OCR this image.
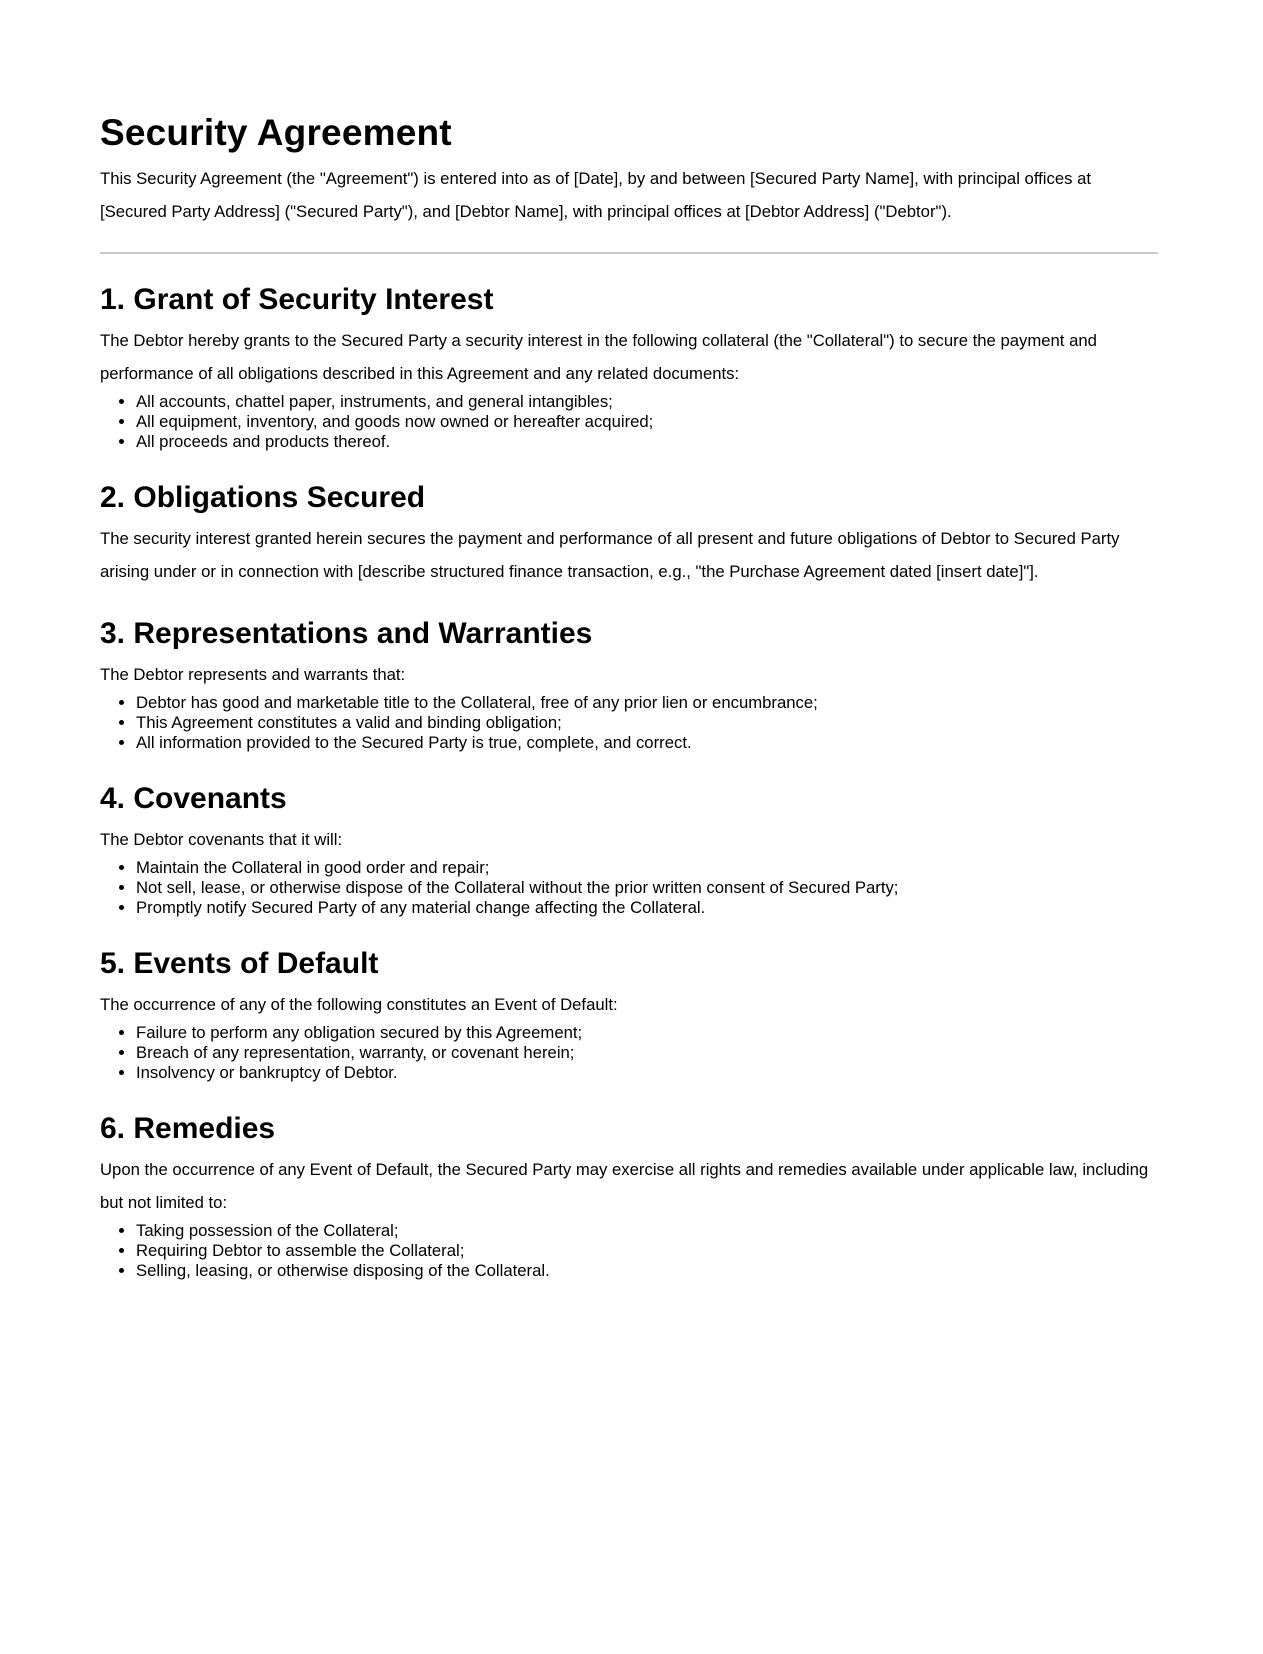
Security Agreement

This Security Agreement (the "Agreement") is entered into as of [Date], by and between [Secured Party Name], with principal offices at [Secured Party Address] ("Secured Party"), and [Debtor Name], with principal offices at [Debtor Address] ("Debtor").

1. Grant of Security Interest

The Debtor hereby grants to the Secured Party a security interest in the following collateral (the "Collateral") to secure the payment and performance of all obligations described in this Agreement and any related documents:

• All accounts, chattel paper, instruments, and general intangibles;
• All equipment, inventory, and goods now owned or hereafter acquired;
• All proceeds and products thereof.
2. Obligations Secured

The security interest granted herein secures the payment and performance of all present and future obligations of Debtor to Secured Party arising under or in connection with [describe structured finance transaction, e.g., "the Purchase Agreement dated [insert date]"].

3. Representations and Warranties

The Debtor represents and warrants that:

• Debtor has good and marketable title to the Collateral, free of any prior lien or encumbrance;
• This Agreement constitutes a valid and binding obligation;
• All information provided to the Secured Party is true, complete, and correct.
4. Covenants

The Debtor covenants that it will:

• Maintain the Collateral in good order and repair;
• Not sell, lease, or otherwise dispose of the Collateral without the prior written consent of Secured Party;
• Promptly notify Secured Party of any material change affecting the Collateral.
5. Events of Default

The occurrence of any of the following constitutes an Event of Default:

• Failure to perform any obligation secured by this Agreement;
• Breach of any representation, warranty, or covenant herein;
• Insolvency or bankruptcy of Debtor.
6. Remedies

Upon the occurrence of any Event of Default, the Secured Party may exercise all rights and remedies available under applicable law, including but not limited to:

• Taking possession of the Collateral;
• Requiring Debtor to assemble the Collateral;
• Selling, leasing, or otherwise disposing of the Collateral.
